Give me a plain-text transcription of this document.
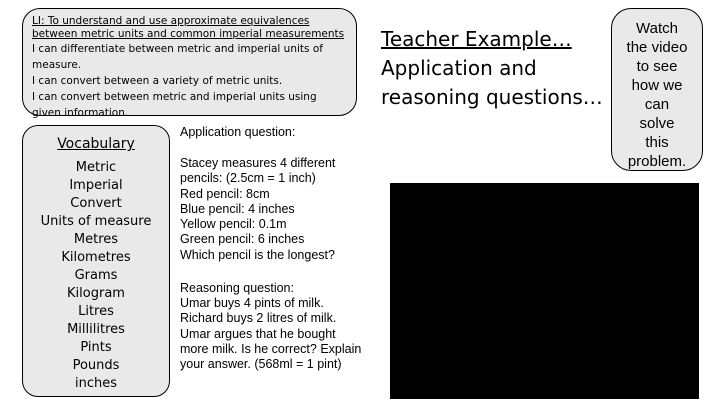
LI: To understand and use approximate equivalences between metric units and common imperial measurements
I can differentiate between metric and imperial units of measure.
I can convert between a variety of metric units.
I can convert between metric and imperial units using given information.
Vocabulary
Metric
Imperial
Convert
Units of measure
Metres
Kilometres
Grams
Kilogram
Litres
Millilitres
Pints
Pounds
inches
Application question:
Stacey measures 4 different
pencils: (2.5cm = 1 inch)
Red pencil: 8cm
Blue pencil: 4 inches
Yellow pencil: 0.1m
Green pencil: 6 inches
Which pencil is the longest?
Reasoning question:
Umar buys 4 pints of milk.
Richard buys 2 litres of milk.
Umar argues that he bought
more milk. Is he correct? Explain
your answer. (568ml = 1 pint)
Teacher Example…
Application and
reasoning questions…
Watch
the video
to see
how we
can
solve
this
problem.
